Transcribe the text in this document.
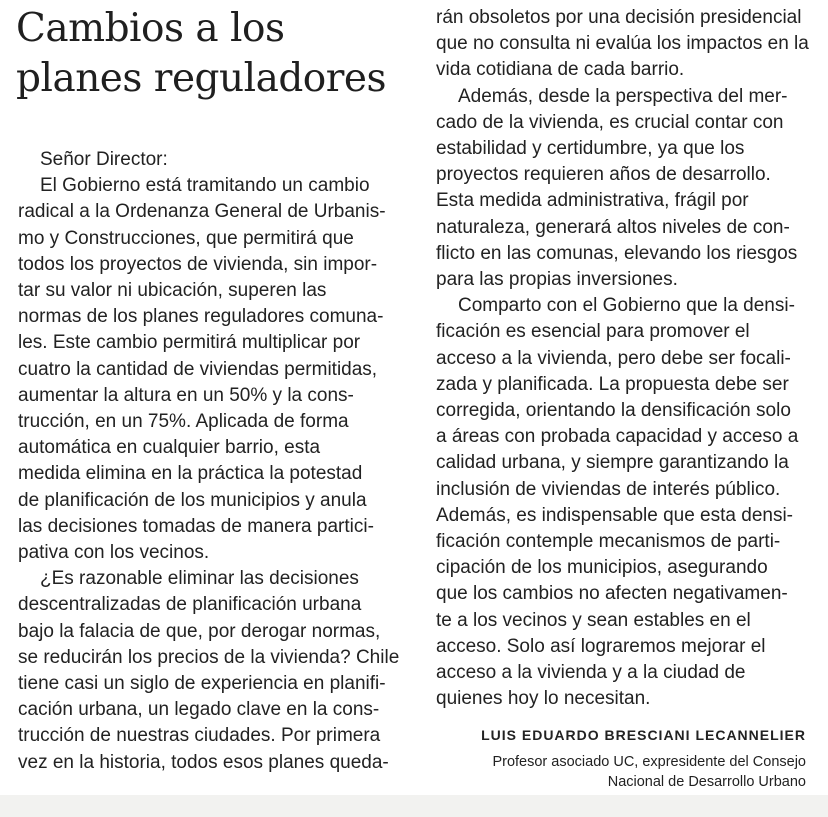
Cambios a los
planes reguladores
Señor Director:
El Gobierno está tramitando un cambio
radical a la Ordenanza General de Urbanis-
mo y Construcciones, que permitirá que
todos los proyectos de vivienda, sin impor-
tar su valor ni ubicación, superen las
normas de los planes reguladores comuna-
les. Este cambio permitirá multiplicar por
cuatro la cantidad de viviendas permitidas,
aumentar la altura en un 50% y la cons-
trucción, en un 75%. Aplicada de forma
automática en cualquier barrio, esta
medida elimina en la práctica la potestad
de planificación de los municipios y anula
las decisiones tomadas de manera partici-
pativa con los vecinos.
¿Es razonable eliminar las decisiones
descentralizadas de planificación urbana
bajo la falacia de que, por derogar normas,
se reducirán los precios de la vivienda? Chile
tiene casi un siglo de experiencia en planifi-
cación urbana, un legado clave en la cons-
trucción de nuestras ciudades. Por primera
vez en la historia, todos esos planes queda-
rán obsoletos por una decisión presidencial
que no consulta ni evalúa los impactos en la
vida cotidiana de cada barrio.
Además, desde la perspectiva del mer-
cado de la vivienda, es crucial contar con
estabilidad y certidumbre, ya que los
proyectos requieren años de desarrollo.
Esta medida administrativa, frágil por
naturaleza, generará altos niveles de con-
flicto en las comunas, elevando los riesgos
para las propias inversiones.
Comparto con el Gobierno que la densi-
ficación es esencial para promover el
acceso a la vivienda, pero debe ser focali-
zada y planificada. La propuesta debe ser
corregida, orientando la densificación solo
a áreas con probada capacidad y acceso a
calidad urbana, y siempre garantizando la
inclusión de viviendas de interés público.
Además, es indispensable que esta densi-
ficación contemple mecanismos de parti-
cipación de los municipios, asegurando
que los cambios no afecten negativamen-
te a los vecinos y sean estables en el
acceso. Solo así lograremos mejorar el
acceso a la vivienda y a la ciudad de
quienes hoy lo necesitan.
LUIS EDUARDO BRESCIANI LECANNELIER
Profesor asociado UC, expresidente del Consejo
Nacional de Desarrollo Urbano
